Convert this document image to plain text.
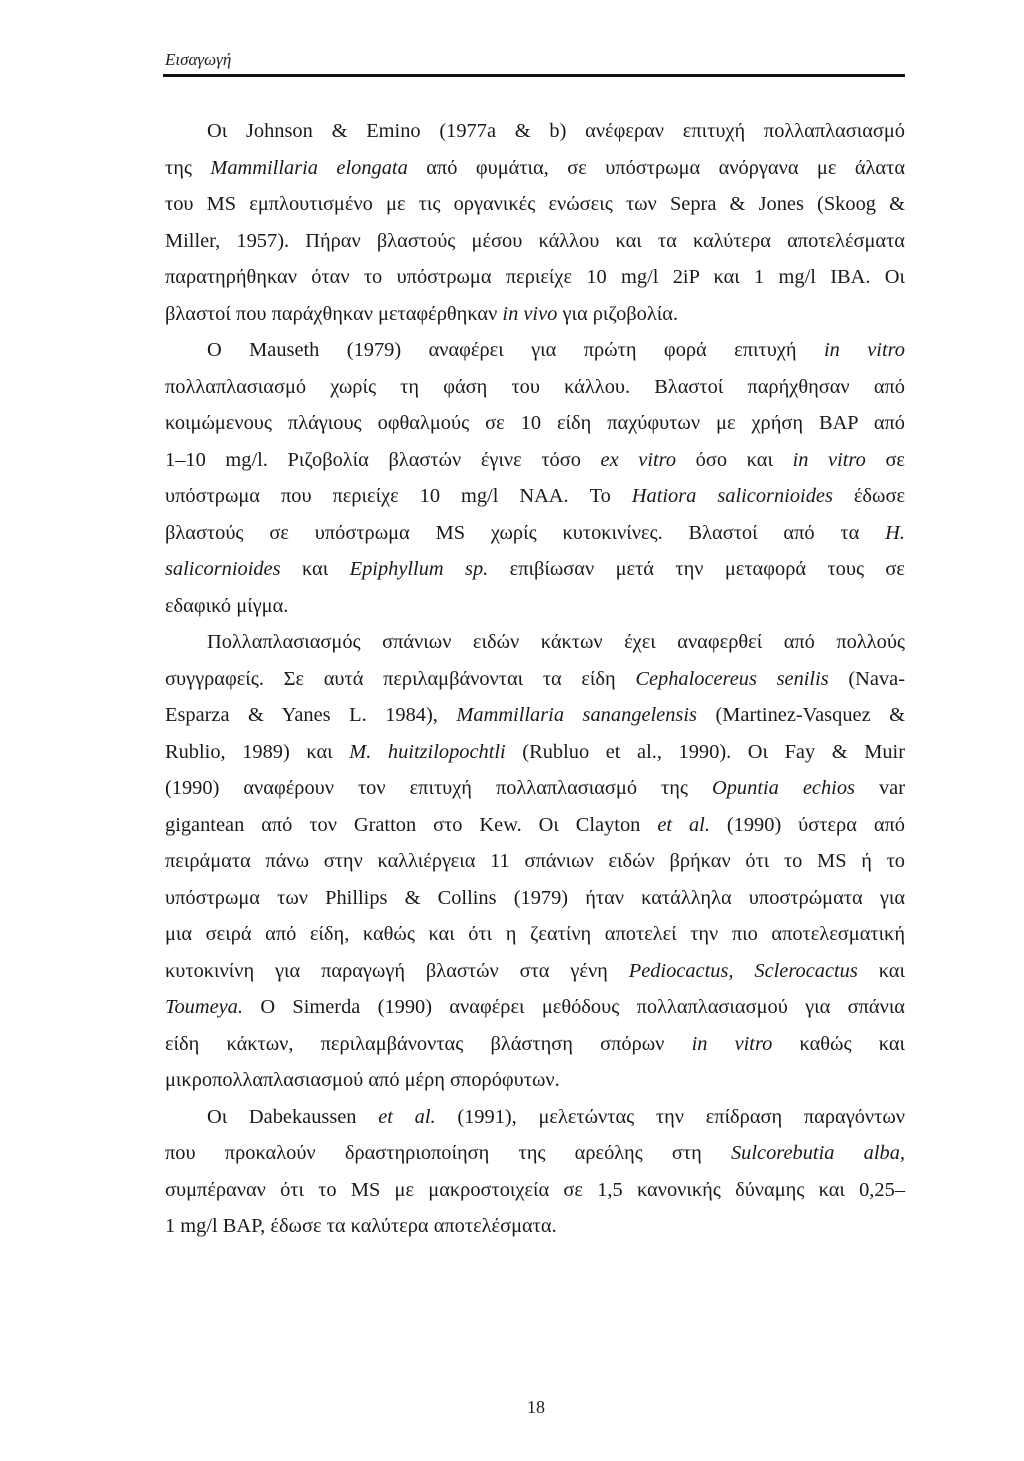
Εισαγωγή
Οι Johnson & Emino (1977a & b) ανέφεραν επιτυχή πολλαπλασιασμό
της Mammillaria elongata από φυμάτια, σε υπόστρωμα ανόργανα με άλατα
του MS εμπλουτισμένο με τις οργανικές ενώσεις των Sepra & Jones (Skoog &
Miller, 1957). Πήραν βλαστούς μέσου κάλλου και τα καλύτερα αποτελέσματα
παρατηρήθηκαν όταν το υπόστρωμα περιείχε 10 mg/l 2iP και 1 mg/l IBA. Οι
βλαστοί που παράχθηκαν μεταφέρθηκαν in vivo για ριζοβολία.
Ο Mauseth (1979) αναφέρει για πρώτη φορά επιτυχή in vitro
πολλαπλασιασμό χωρίς τη φάση του κάλλου. Βλαστοί παρήχθησαν από
κοιμώμενους πλάγιους οφθαλμούς σε 10 είδη παχύφυτων με χρήση BAP από
1–10 mg/l. Ριζοβολία βλαστών έγινε τόσο ex vitro όσο και in vitro σε
υπόστρωμα που περιείχε 10 mg/l NAA. Το Hatiora salicornioides έδωσε
βλαστούς σε υπόστρωμα MS χωρίς κυτοκινίνες. Βλαστοί από τα H.
salicornioides και Epiphyllum sp. επιβίωσαν μετά την μεταφορά τους σε
εδαφικό μίγμα.
Πολλαπλασιασμός σπάνιων ειδών κάκτων έχει αναφερθεί από πολλούς
συγγραφείς. Σε αυτά περιλαμβάνονται τα είδη Cephalocereus senilis (Nava-
Esparza & Yanes L. 1984), Mammillaria sanangelensis (Martinez-Vasquez &
Rublio, 1989) και M. huitzilopochtli (Rubluo et al., 1990). Οι Fay & Muir
(1990) αναφέρουν τον επιτυχή πολλαπλασιασμό της Opuntia echios var
gigantean από τον Gratton στο Kew. Οι Clayton et al. (1990) ύστερα από
πειράματα πάνω στην καλλιέργεια 11 σπάνιων ειδών βρήκαν ότι το MS ή το
υπόστρωμα των Phillips & Collins (1979) ήταν κατάλληλα υποστρώματα για
μια σειρά από είδη, καθώς και ότι η ζεατίνη αποτελεί την πιο αποτελεσματική
κυτοκινίνη για παραγωγή βλαστών στα γένη Pediocactus, Sclerocactus και
Toumeya. Ο Simerda (1990) αναφέρει μεθόδους πολλαπλασιασμού για σπάνια
είδη κάκτων, περιλαμβάνοντας βλάστηση σπόρων in vitro καθώς και
μικροπολλαπλασιασμού από μέρη σπορόφυτων.
Οι Dabekaussen et al. (1991), μελετώντας την επίδραση παραγόντων
που προκαλούν δραστηριοποίηση της αρεόλης στη Sulcorebutia alba,
συμπέραναν ότι το MS με μακροστοιχεία σε 1,5 κανονικής δύναμης και 0,25–
1 mg/l BAP, έδωσε τα καλύτερα αποτελέσματα.
18
